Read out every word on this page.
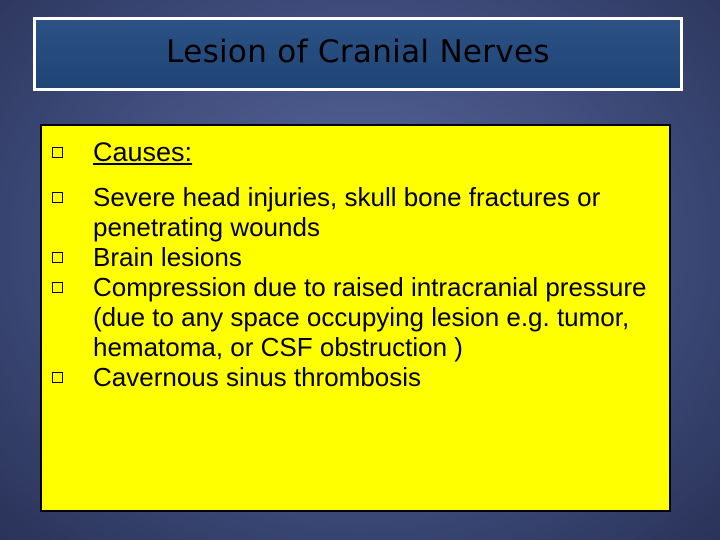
Lesion of Cranial Nerves
Causes:
Severe head injuries, skull bone fractures or penetrating wounds
Brain lesions
Compression due to raised intracranial pressure (due to any space occupying lesion e.g. tumor, hematoma, or CSF obstruction )
Cavernous sinus thrombosis
